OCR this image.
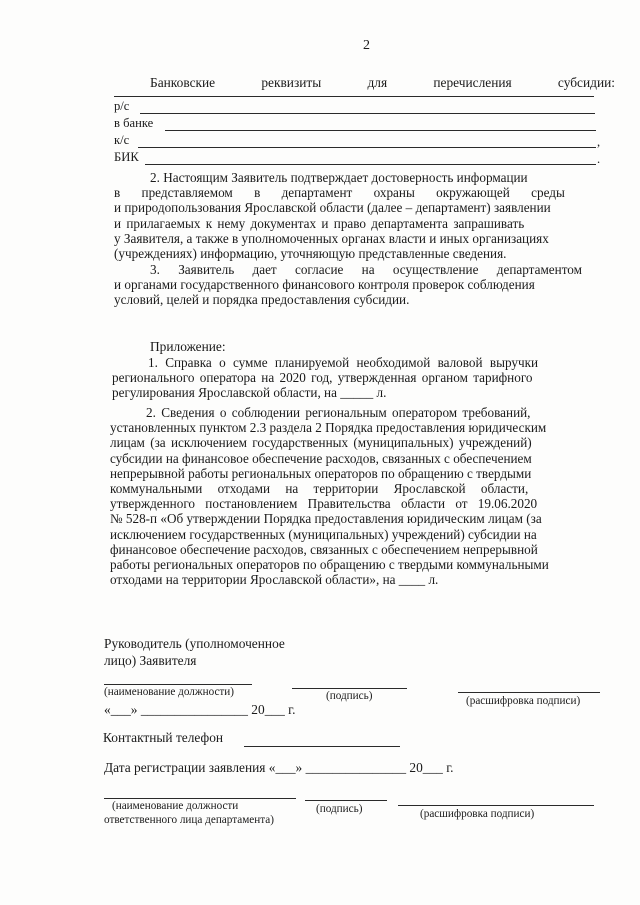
2
Банковские	реквизиты	для	перечисления	субсидии:
р/с
в банке
к/с	,
БИК	.
2. Настоящим Заявитель подтверждает достоверность информации
в представляемом в департамент охраны окружающей среды
и природопользования Ярославской области (далее – департамент) заявлении
и прилагаемых к нему документах и право департамента запрашивать
у Заявителя, а также в уполномоченных органах власти и иных организациях
(учреждениях) информацию, уточняющую представленные сведения.
3. Заявитель дает согласие на осуществление департаментом
и органами государственного финансового контроля проверок соблюдения
условий, целей и порядка предоставления субсидии.
Приложение:
1. Справка о сумме планируемой необходимой валовой выручки
регионального оператора на 2020 год, утвержденная органом тарифного
регулирования Ярославской области, на _____ л.
2. Сведения о соблюдении региональным оператором требований,
установленных пунктом 2.3 раздела 2 Порядка предоставления юридическим
лицам (за исключением государственных (муниципальных) учреждений)
субсидии на финансовое обеспечение расходов, связанных с обеспечением
непрерывной работы региональных операторов по обращению с твердыми
коммунальными отходами на территории Ярославской области,
утвержденного постановлением Правительства области от 19.06.2020
№ 528-п «Об утверждении Порядка предоставления юридическим лицам (за
исключением государственных (муниципальных) учреждений) субсидии на
финансовое обеспечение расходов, связанных с обеспечением непрерывной
работы региональных операторов по обращению с твердыми коммунальными
отходами на территории Ярославской области», на ____ л.
Руководитель (уполномоченное
лицо) Заявителя
(наименование должности)	(подпись)	(расшифровка подписи)
«___» ________________ 20___ г.
Контактный телефон
Дата регистрации заявления «___» _______________ 20___ г.
(наименование должности
ответственного лица департамента)
(подпись)	(расшифровка подписи)
